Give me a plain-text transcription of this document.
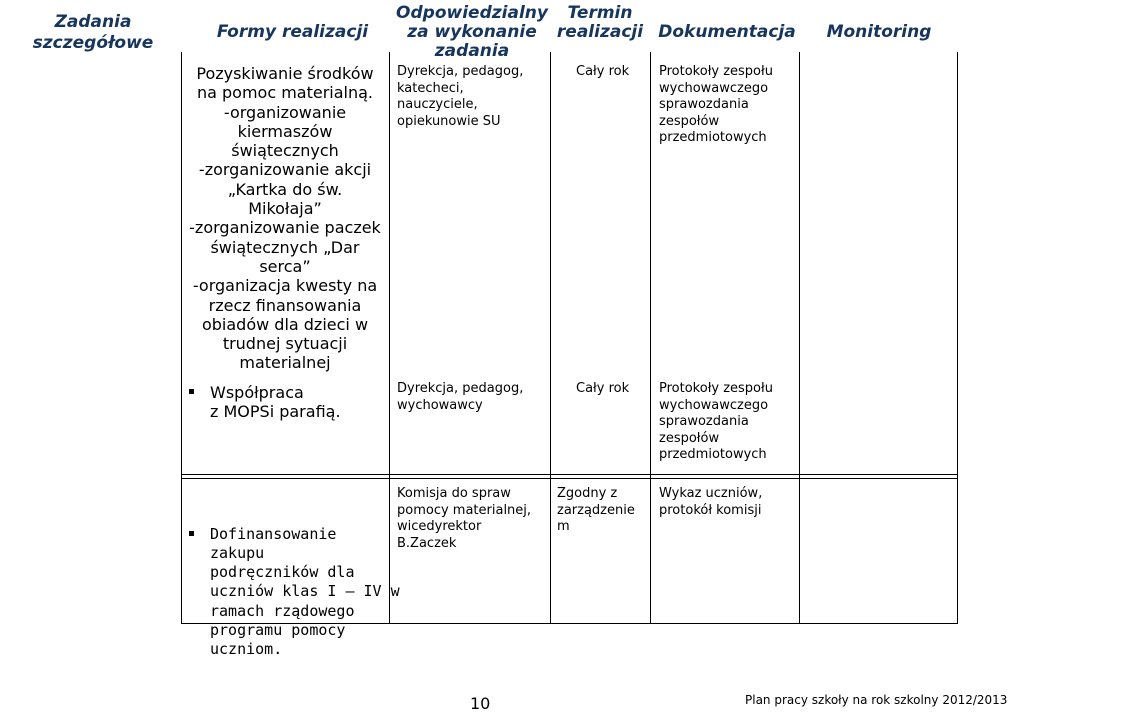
Zadania szczegółowe
Formy realizacji
Odpowiedzialny za wykonanie zadania
Termin realizacji Dokumentacja	Monitoring
Pozyskiwanie środków
na pomoc materialną.
-organizowanie
kiermaszów
świątecznych
-zorganizowanie akcji
„Kartka do św.
Mikołaja”
-zorganizowanie paczek
świątecznych „Dar
serca”
-organizacja kwesty na
rzecz finansowania
obiadów dla dzieci w
trudnej sytuacji
materialnej
Współpraca
z MOPSi parafią.
Dyrekcja, pedagog,
katecheci,
nauczyciele,
opiekunowie SU
Dyrekcja, pedagog,
wychowawcy
Cały rok
Cały rok
Protokoły zespołu
wychowawczego
sprawozdania
zespołów
przedmiotowych
Protokoły zespołu
wychowawczego
sprawozdania
zespołów
przedmiotowych
Dofinansowanie
zakupu
podręczników dla
uczniów klas I – IV w
ramach rządowego
programu pomocy
uczniom.
Komisja do spraw
pomocy materialnej,
wicedyrektor
B.Zaczek
Zgodny z
zarządzenie
m
Wykaz uczniów,
protokół komisji
10	Plan pracy szkoły na rok szkolny 2012/2013
